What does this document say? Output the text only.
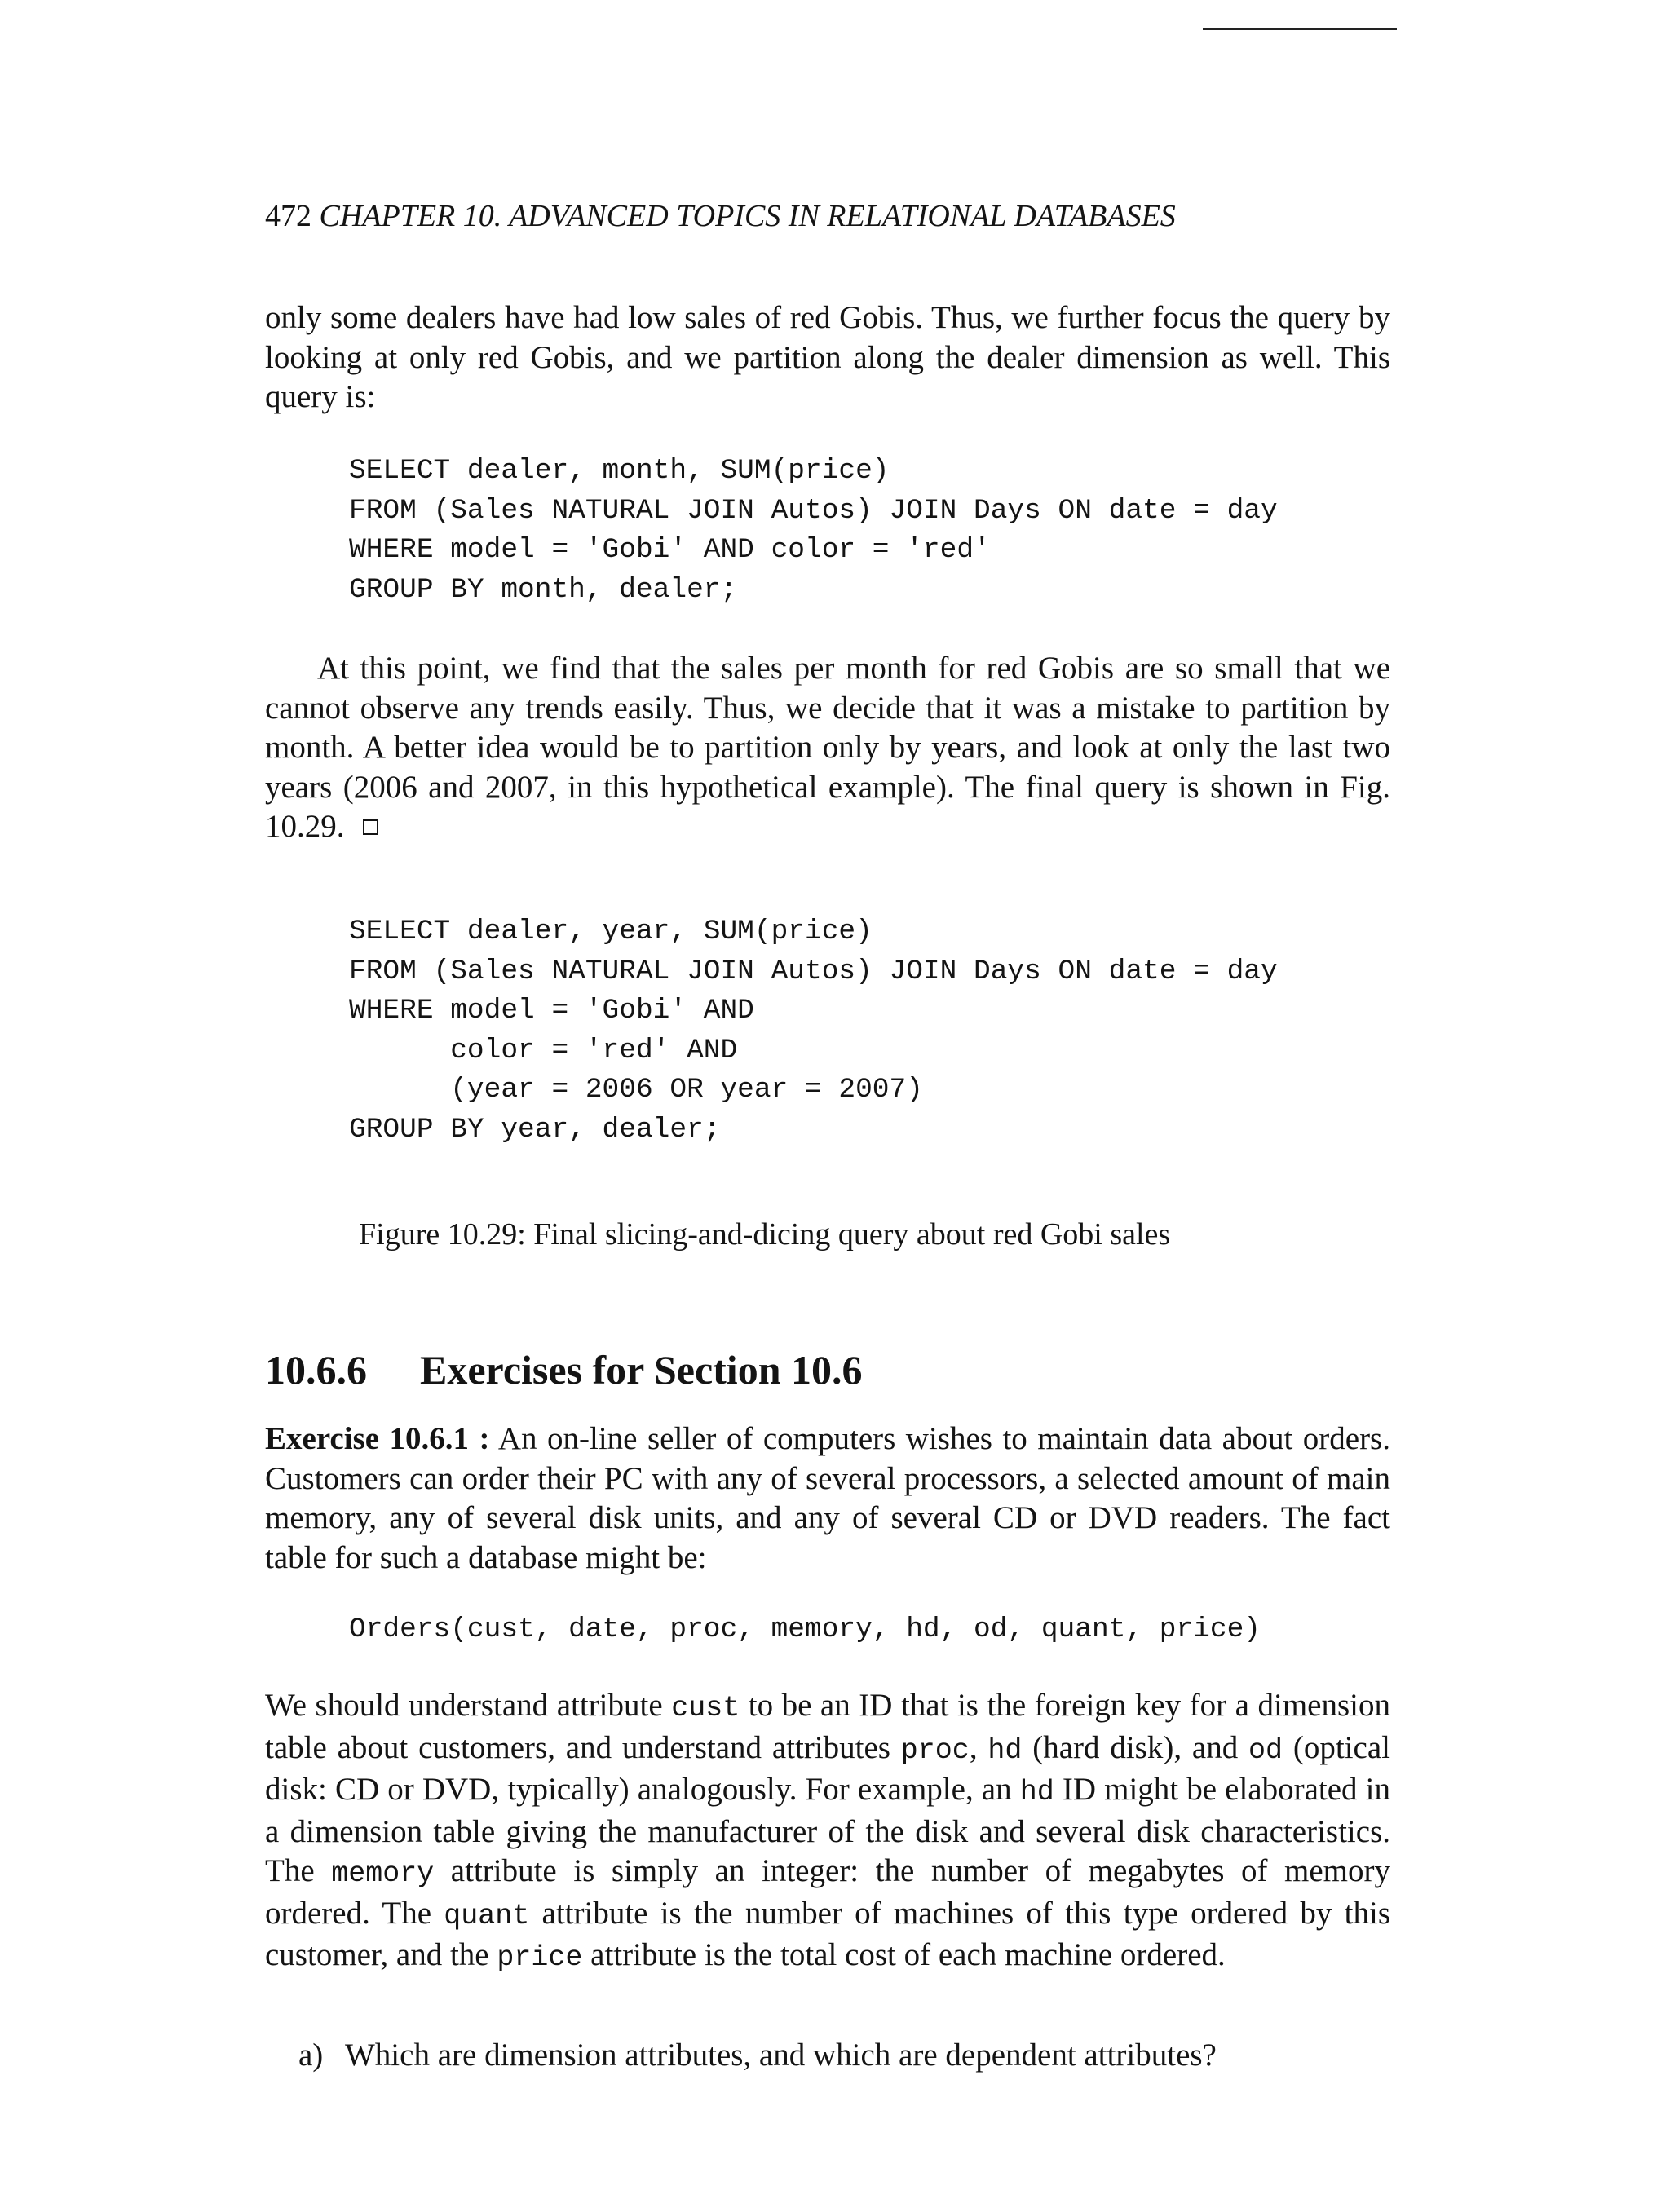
472 CHAPTER 10. ADVANCED TOPICS IN RELATIONAL DATABASES

only some dealers have had low sales of red Gobis. Thus, we further focus the query by looking at only red Gobis, and we partition along the dealer dimension as well. This query is:

SELECT dealer, month, SUM(price)
FROM (Sales NATURAL JOIN Autos) JOIN Days ON date = day
WHERE model = 'Gobi' AND color = 'red'
GROUP BY month, dealer;

At this point, we find that the sales per month for red Gobis are so small that we cannot observe any trends easily. Thus, we decide that it was a mistake to partition by month. A better idea would be to partition only by years, and look at only the last two years (2006 and 2007, in this hypothetical example). The final query is shown in Fig. 10.29.

SELECT dealer, year, SUM(price)
FROM (Sales NATURAL JOIN Autos) JOIN Days ON date = day
WHERE model = 'Gobi' AND
color = 'red' AND
(year = 2006 OR year = 2007)
GROUP BY year, dealer;

Figure 10.29: Final slicing-and-dicing query about red Gobi sales

10.6.6 Exercises for Section 10.6

Exercise 10.6.1 : An on-line seller of computers wishes to maintain data about orders. Customers can order their PC with any of several processors, a selected amount of main memory, any of several disk units, and any of several CD or DVD readers. The fact table for such a database might be:

Orders(cust, date, proc, memory, hd, od, quant, price)

We should understand attribute cust to be an ID that is the foreign key for a dimension table about customers, and understand attributes proc, hd (hard disk), and od (optical disk: CD or DVD, typically) analogously. For example, an hd ID might be elaborated in a dimension table giving the manufacturer of the disk and several disk characteristics. The memory attribute is simply an integer: the number of megabytes of memory ordered. The quant attribute is the number of machines of this type ordered by this customer, and the price attribute is the total cost of each machine ordered.

a) Which are dimension attributes, and which are dependent attributes?
